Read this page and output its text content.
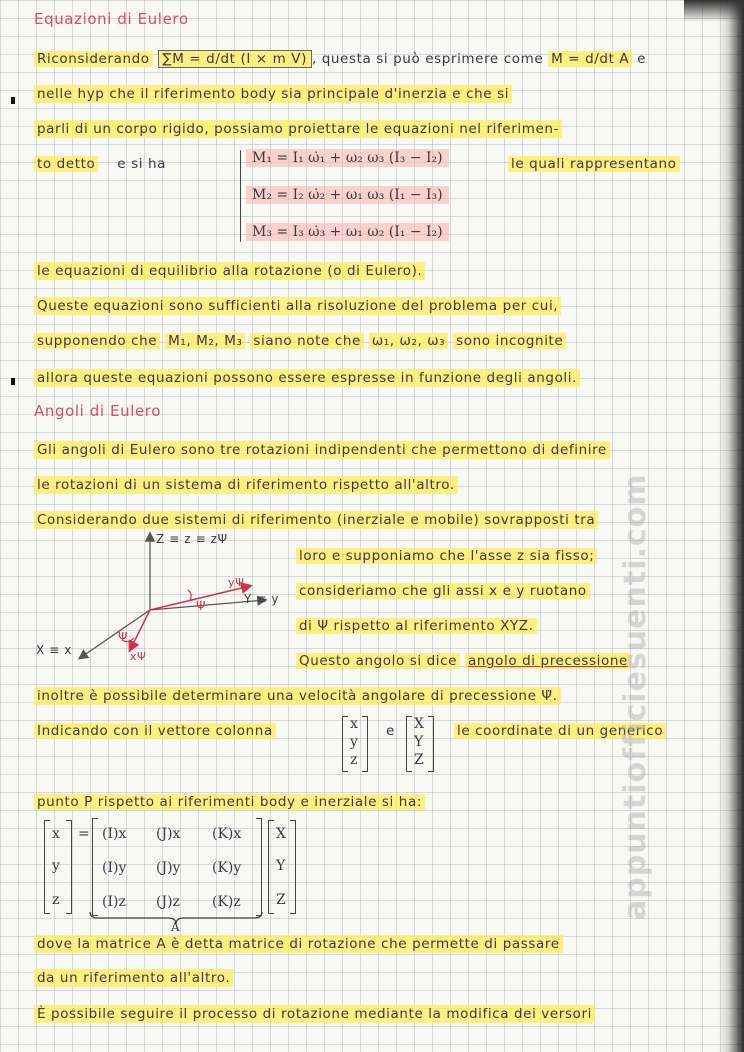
Equazioni di Eulero
Riconsiderando ∑M = d/dt (I × m V) , questa si può esprimere come M = d/dt A e
nelle hyp che il riferimento body sia principale d'inerzia e che si
parli di un corpo rigido, possiamo proiettare le equazioni nel riferimen-
to detto e si ha	le quali rappresentano
M₁ = I₁ ω̇₁ + ω₂ ω₃ (I₃ − I₂)
M₂ = I₂ ω̇₂ + ω₁ ω₃ (I₁ − I₃)
M₃ = I₃ ω̇₃ + ω₁ ω₂ (I₁ − I₂)
le equazioni di equilibrio alla rotazione (o di Eulero).
Queste equazioni sono sufficienti alla risoluzione del problema per cui,
supponendo che M₁, M₂, M₃ siano note che ω₁, ω₂, ω₃ sono incognite
allora queste equazioni possono essere espresse in funzione degli angoli.
Angoli di Eulero
Gli angoli di Eulero sono tre rotazioni indipendenti che permettono di definire
le rotazioni di un sistema di riferimento rispetto all'altro.
Considerando due sistemi di riferimento (inerziale e mobile) sovrapposti tra
Z ≡ z ≡ zΨ
Y ≡ y
X ≡ x
yΨ
xΨ
Ψ
Ψ
loro e supponiamo che l'asse z sia fisso;
consideriamo che gli assi x e y ruotano
di Ψ rispetto al riferimento XYZ.
Questo angolo si dice angolo di precessione
inoltre è possibile determinare una velocità angolare di precessione Ψ̇.
Indicando con il vettore colonna	x
y
z
e X
Y
Z
le coordinate di un generico
punto P rispetto ai riferimenti body e inerziale si ha:
x
y
z
= (I)x (J)x (K)x
(I)y (J)y (K)y
(I)z (J)z (K)z
X
Y
Z
A
dove la matrice A è detta matrice di rotazione che permette di passare
da un riferimento all'altro.
È possibile seguire il processo di rotazione mediante la modifica dei versori
appuntiofficiesuenti.com
